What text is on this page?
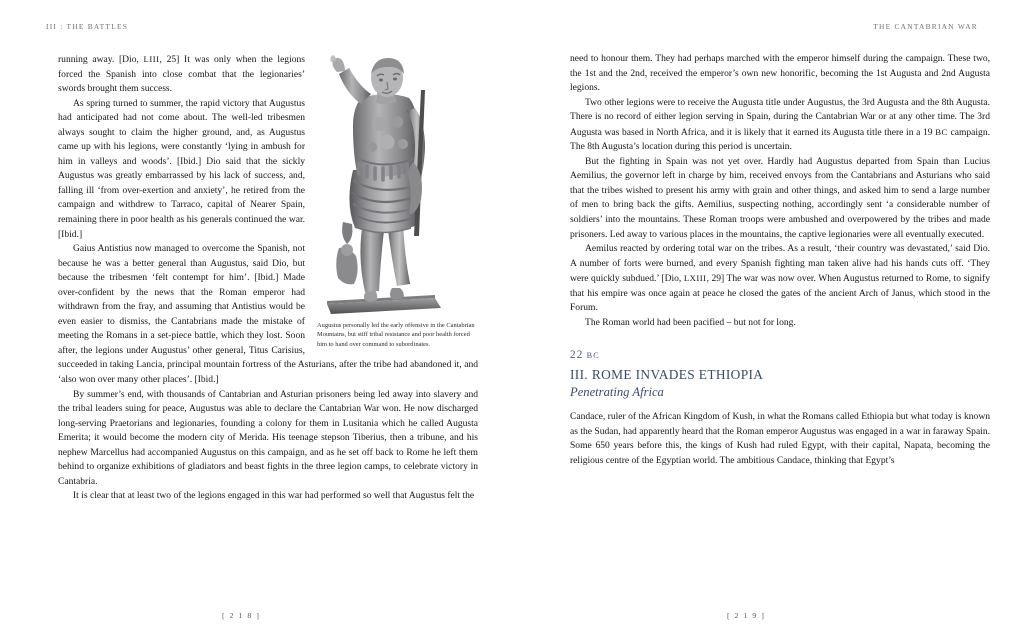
III : THE BATTLES	THE CANTABRIAN WAR
Augustus personally led the early offensive in the Cantabrian Mountains, but stiff tribal resistance and poor health forced him to hand over command to subordinates.

running away. [Dio, LIII, 25] It was only when the legions forced the Spanish into close combat that the legionaries’ swords brought them success.

As spring turned to summer, the rapid victory that Augustus had anticipated had not come about. The well-led tribesmen always sought to claim the higher ground, and, as Augustus came up with his legions, were constantly ‘lying in ambush for him in valleys and woods’. [Ibid.] Dio said that the sickly Augustus was greatly embarrassed by his lack of success, and, falling ill ‘from over-exertion and anxiety’, he retired from the campaign and withdrew to Tarraco, capital of Nearer Spain, remaining there in poor health as his generals continued the war. [Ibid.]

Gaius Antistius now managed to overcome the Spanish, not because he was a better general than Augustus, said Dio, but because the tribesmen ‘felt contempt for him’. [Ibid.] Made over-confident by the news that the Roman emperor had withdrawn from the fray, and assuming that Antistius would be even easier to dismiss, the Cantabrians made the mistake of meeting the Romans in a set-piece battle, which they lost. Soon after, the legions under Augustus’ other general, Titus Carisius, succeeded in taking Lancia, principal mountain fortress of the Asturians, after the tribe had abandoned it, and ‘also won over many other places’. [Ibid.]

By summer’s end, with thousands of Cantabrian and Asturian prisoners being led away into slavery and the tribal leaders suing for peace, Augustus was able to declare the Cantabrian War won. He now discharged long-serving Praetorians and legionaries, founding a colony for them in Lusitania which he called Augusta Emerita; it would become the modern city of Merida. His teenage stepson Tiberius, then a tribune, and his nephew Marcellus had accompanied Augustus on this campaign, and as he set off back to Rome he left them behind to organize exhibitions of gladiators and beast fights in the three legion camps, to celebrate victory in Cantabria.

It is clear that at least two of the legions engaged in this war had performed so well that Augustus felt the

need to honour them. They had perhaps marched with the emperor himself during the campaign. These two, the 1st and the 2nd, received the emperor’s own new honorific, becoming the 1st Augusta and 2nd Augusta legions.

Two other legions were to receive the Augusta title under Augustus, the 3rd Augusta and the 8th Augusta. There is no record of either legion serving in Spain, during the Cantabrian War or at any other time. The 3rd Augusta was based in North Africa, and it is likely that it earned its Augusta title there in a 19 BC campaign. The 8th Augusta’s location during this period is uncertain.

But the fighting in Spain was not yet over. Hardly had Augustus departed from Spain than Lucius Aemilius, the governor left in charge by him, received envoys from the Cantabrians and Asturians who said that the tribes wished to present his army with grain and other things, and asked him to send a large number of men to bring back the gifts. Aemilius, suspecting nothing, accordingly sent ‘a considerable number of soldiers’ into the mountains. These Roman troops were ambushed and overpowered by the tribes and made prisoners. Led away to various places in the mountains, the captive legionaries were all eventually executed.

Aemilus reacted by ordering total war on the tribes. As a result, ‘their country was devastated,’ said Dio. A number of forts were burned, and every Spanish fighting man taken alive had his hands cuts off. ‘They were quickly subdued.’ [Dio, LXIII, 29] The war was now over. When Augustus returned to Rome, to signify that his empire was once again at peace he closed the gates of the ancient Arch of Janus, which stood in the Forum.

The Roman world had been pacified – but not for long.

22 BC
III. ROME INVADES ETHIOPIA
Penetrating Africa

Candace, ruler of the African Kingdom of Kush, in what the Romans called Ethiopia but what today is known as the Sudan, had apparently heard that the Roman emperor Augustus was engaged in a war in faraway Spain. Some 650 years before this, the kings of Kush had ruled Egypt, with their capital, Napata, becoming the religious centre of the Egyptian world. The ambitious Candace, thinking that Egypt’s

[ 2 1 8 ]	[ 2 1 9 ]
